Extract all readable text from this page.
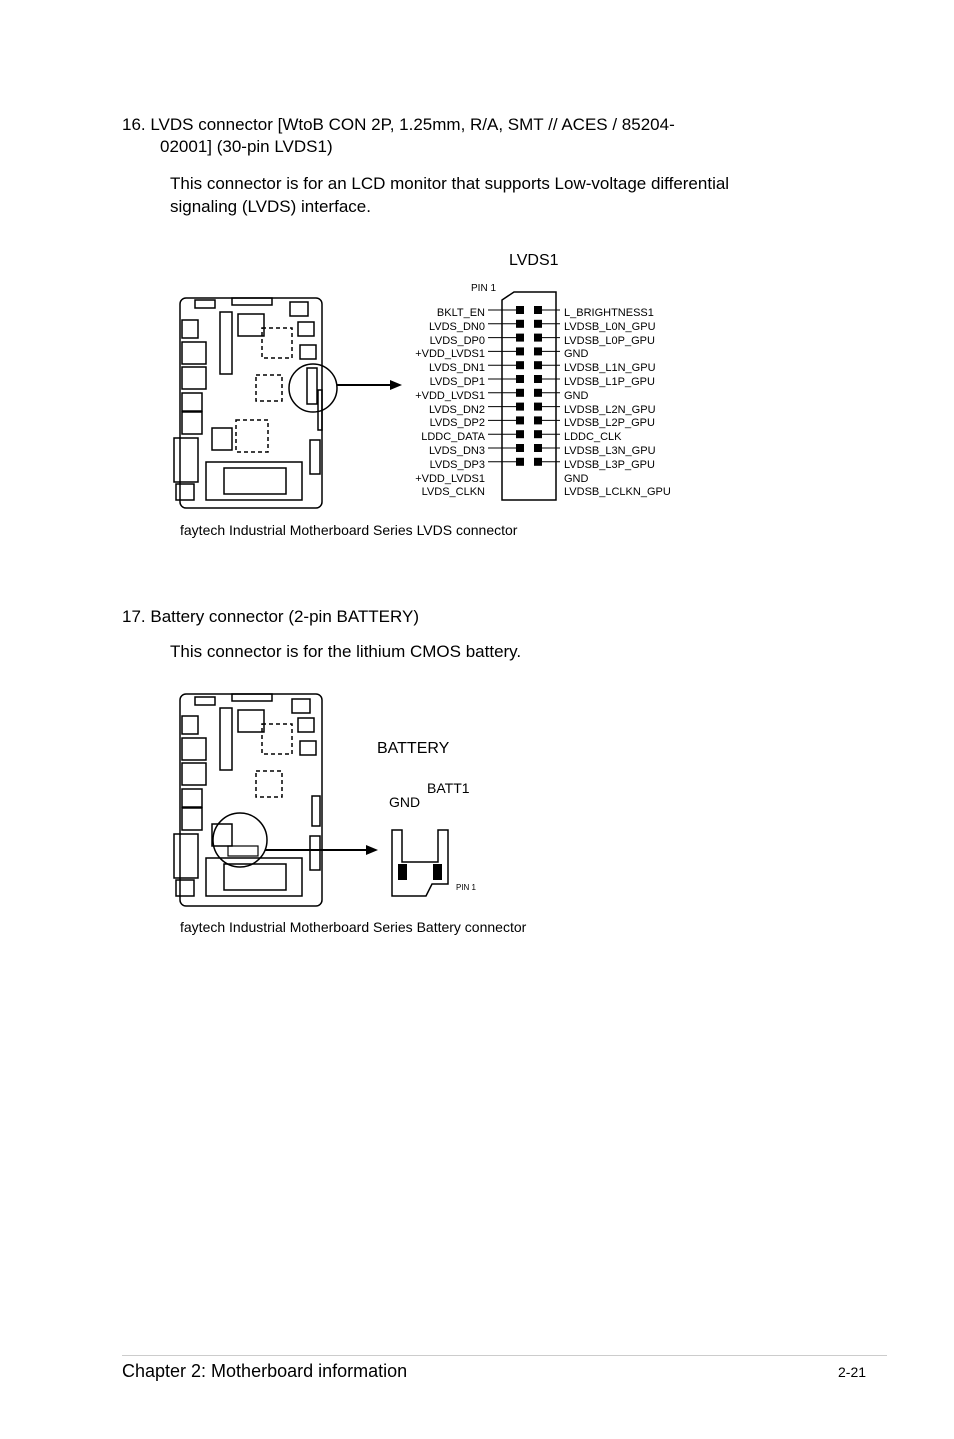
16. LVDS connector [WtoB CON 2P, 1.25mm, R/A, SMT // ACES / 85204-
02001] (30-pin LVDS1)
This connector is for an LCD monitor that supports Low-voltage differential
signaling (LVDS) interface.
LVDS1
PIN 1
BKLT_EN
LVDS_DN0
LVDS_DP0
+VDD_LVDS1
LVDS_DN1
LVDS_DP1
+VDD_LVDS1
LVDS_DN2
LVDS_DP2
LDDC_DATA
LVDS_DN3
LVDS_DP3
+VDD_LVDS1
LVDS_CLKN
L_BRIGHTNESS1
LVDSB_L0N_GPU
LVDSB_L0P_GPU
GND
LVDSB_L1N_GPU
LVDSB_L1P_GPU
GND
LVDSB_L2N_GPU
LVDSB_L2P_GPU
LDDC_CLK
LVDSB_L3N_GPU
LVDSB_L3P_GPU
GND
LVDSB_LCLKN_GPU
faytech Industrial Motherboard Series LVDS connector
17. Battery connector (2-pin BATTERY)
This connector is for the lithium CMOS battery.
BATTERY
BATT1
GND
PIN 1
faytech Industrial Motherboard Series Battery connector
Chapter 2: Motherboard information	2-21
